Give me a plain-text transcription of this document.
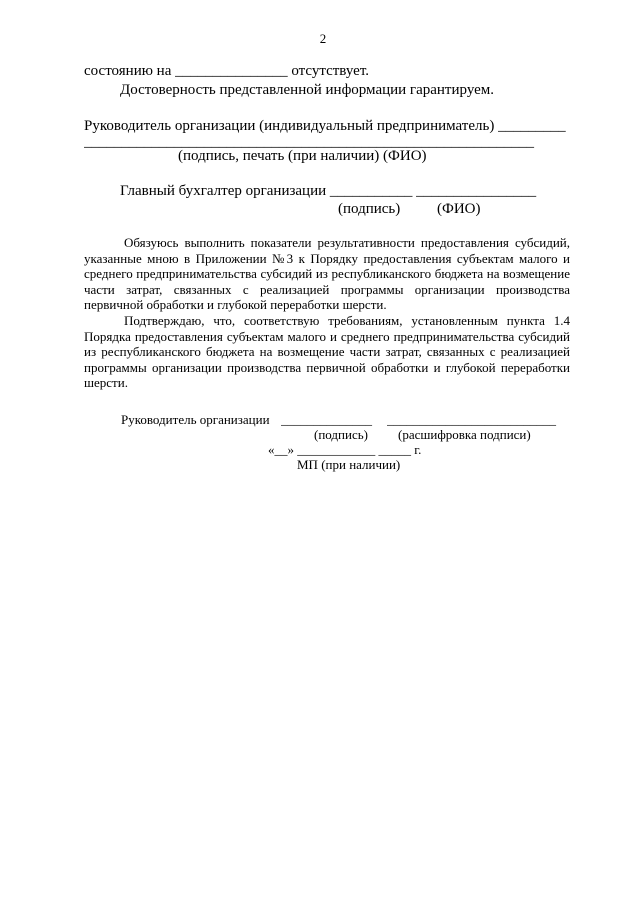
2
состоянию на _______________ отсутствует.
Достоверность представленной информации гарантируем.
Руководитель организации (индивидуальный предприниматель) _________
____________________________________________________________
(подпись, печать (при наличии) (ФИО)
Главный бухгалтер организации ___________ ________________
(подпись) (ФИО)
Обязуюсь выполнить показатели результативности предоставления субсидий,
указанные мною в Приложении №3 к Порядку предоставления субъектам малого и
среднего предпринимательства субсидий из республиканского бюджета на возмещение
части затрат, связанных с реализацией программы организации производства
первичной обработки и глубокой переработки шерсти.
Подтверждаю, что, соответствую требованиям, установленным пункта 1.4
Порядка предоставления субъектам малого и среднего предпринимательства субсидий
из республиканского бюджета на возмещение части затрат, связанных с реализацией
программы организации производства первичной обработки и глубокой переработки
шерсти.
Руководитель организации ______________	__________________________
(подпись) (расшифровка подписи)
«__» ____________ _____ г.
МП (при наличии)
